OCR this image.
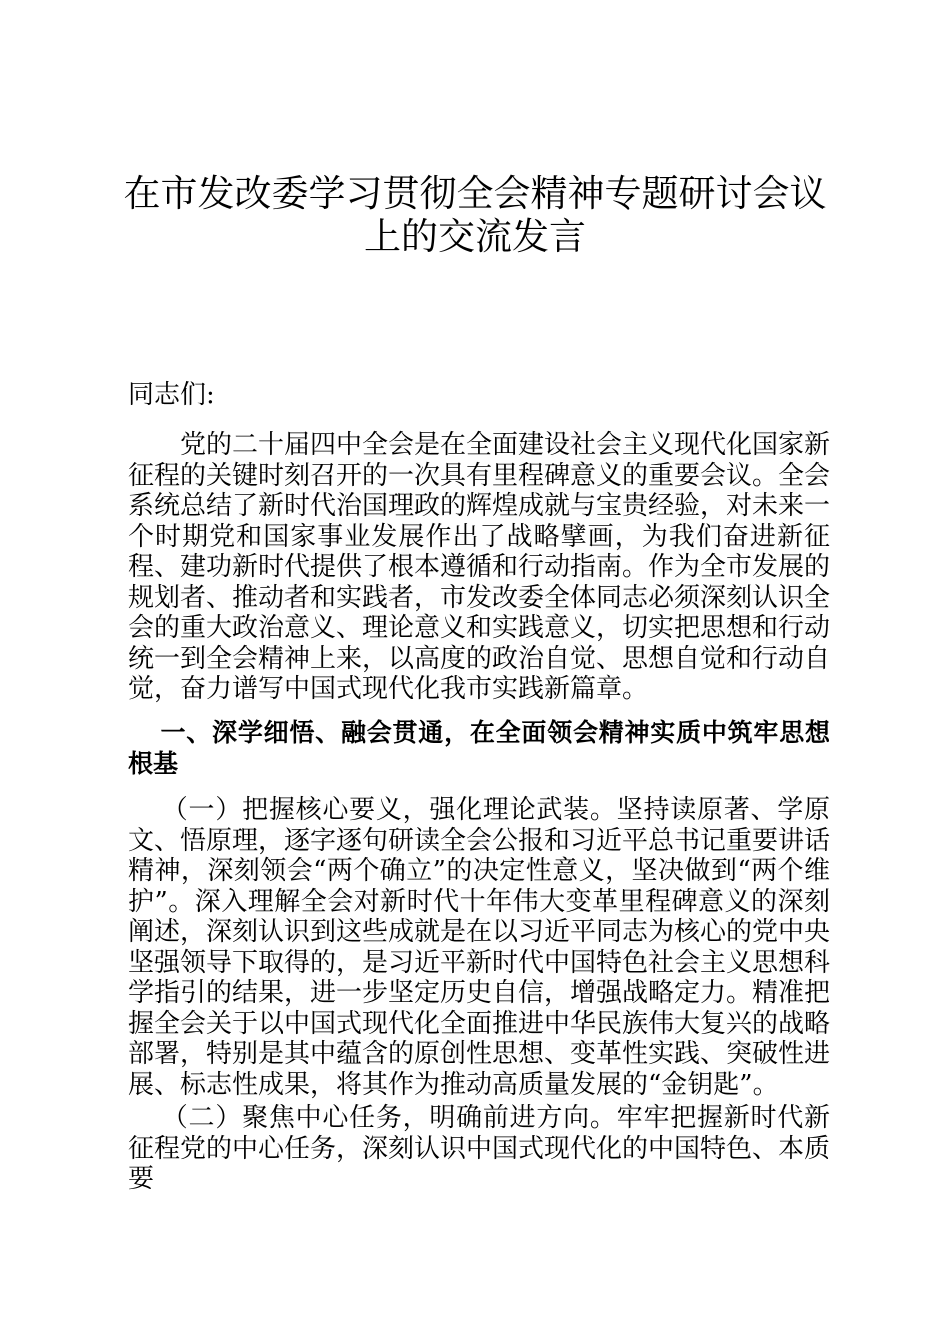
在市发改委学习贯彻全会精神专题研讨会议上的交流发言

同志们:

党的二十届四中全会是在全面建设社会主义现代化国家新征程的关键时刻召开的一次具有里程碑意义的重要会议。全会系统总结了新时代治国理政的辉煌成就与宝贵经验，对未来一个时期党和国家事业发展作出了战略擘画，为我们奋进新征程、建功新时代提供了根本遵循和行动指南。作为全市发展的规划者、推动者和实践者，市发改委全体同志必须深刻认识全会的重大政治意义、理论意义和实践意义，切实把思想和行动统一到全会精神上来，以高度的政治自觉、思想自觉和行动自觉，奋力谱写中国式现代化我市实践新篇章。

一、深学细悟、融会贯通，在全面领会精神实质中筑牢思想根基

（一）把握核心要义，强化理论武装。坚持读原著、学原文、悟原理，逐字逐句研读全会公报和习近平总书记重要讲话精神，深刻领会“两个确立”的决定性意义，坚决做到“两个维护”。深入理解全会对新时代十年伟大变革里程碑意义的深刻阐述，深刻认识到这些成就是在以习近平同志为核心的党中央坚强领导下取得的，是习近平新时代中国特色社会主义思想科学指引的结果，进一步坚定历史自信，增强战略定力。精准把握全会关于以中国式现代化全面推进中华民族伟大复兴的战略部署，特别是其中蕴含的原创性思想、变革性实践、突破性进展、标志性成果，将其作为推动高质量发展的“金钥匙”。

（二）聚焦中心任务，明确前进方向。牢牢把握新时代新征程党的中心任务，深刻认识中国式现代化的中国特色、本质要
